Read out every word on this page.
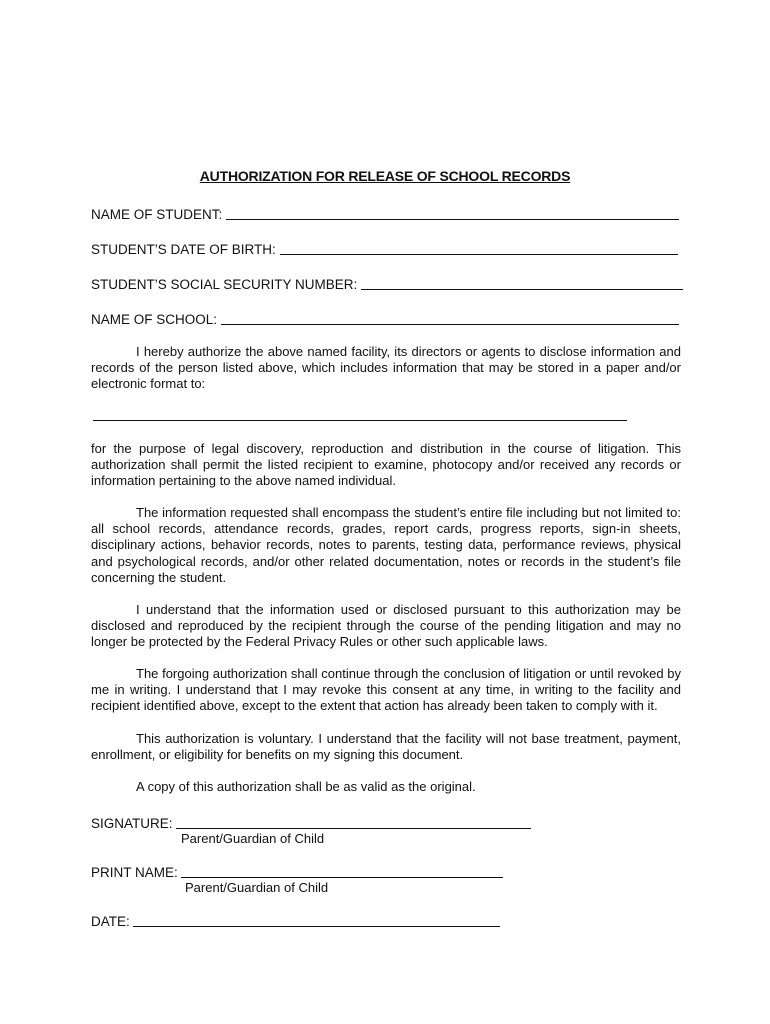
AUTHORIZATION FOR RELEASE OF SCHOOL RECORDS
NAME OF STUDENT:
STUDENT’S DATE OF BIRTH:
STUDENT’S SOCIAL SECURITY NUMBER:
NAME OF SCHOOL:

I hereby authorize the above named facility, its directors or agents to disclose information and records of the person listed above, which includes information that may be stored in a paper and/or electronic format to:

for the purpose of legal discovery, reproduction and distribution in the course of litigation. This authorization shall permit the listed recipient to examine, photocopy and/or received any records or information pertaining to the above named individual.

The information requested shall encompass the student’s entire file including but not limited to: all school records, attendance records, grades, report cards, progress reports, sign-in sheets, disciplinary actions, behavior records, notes to parents, testing data, performance reviews, physical and psychological records, and/or other related documentation, notes or records in the student’s file concerning the student.

I understand that the information used or disclosed pursuant to this authorization may be disclosed and reproduced by the recipient through the course of the pending litigation and may no longer be protected by the Federal Privacy Rules or other such applicable laws.

The forgoing authorization shall continue through the conclusion of litigation or until revoked by me in writing. I understand that I may revoke this consent at any time, in writing to the facility and recipient identified above, except to the extent that action has already been taken to comply with it.

This authorization is voluntary. I understand that the facility will not base treatment, payment, enrollment, or eligibility for benefits on my signing this document.

A copy of this authorization shall be as valid as the original.

SIGNATURE:
Parent/Guardian of Child
PRINT NAME:
Parent/Guardian of Child
DATE:
